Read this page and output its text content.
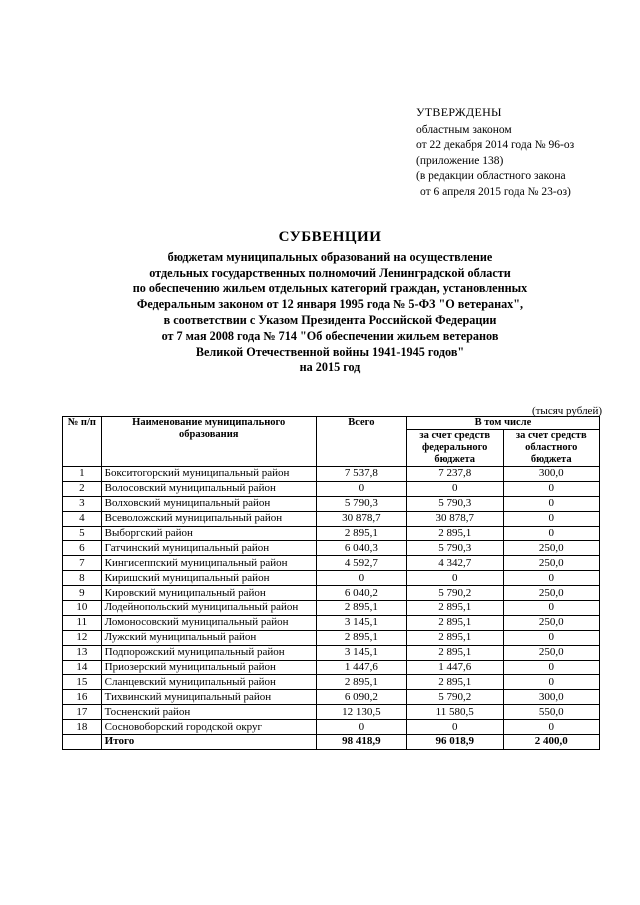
УТВЕРЖДЕНЫ
областным законом
от 22 декабря 2014 года № 96-оз
(приложение 138)
(в редакции областного закона
от 6 апреля 2015 года № 23-оз)
СУБВЕНЦИИ
бюджетам муниципальных образований на осуществление
отдельных государственных полномочий Ленинградской области
по обеспечению жильем отдельных категорий граждан, установленных
Федеральным законом от 12 января 1995 года № 5-ФЗ "О ветеранах",
в соответствии с Указом Президента Российской Федерации
от 7 мая 2008 года № 714 "Об обеспечении жильем ветеранов
Великой Отечественной войны 1941-1945 годов"
на 2015 год
(тысяч рублей)
№ п/п	Наименование муниципального образования	Всего	В том числе	
			за счет средств федерального бюджета	за счет средств областного бюджета
1	Бокситогорский муниципальный район	7 537,8	7 237,8	300,0
2	Волосовский муниципальный район	0	0	0
3	Волховский муниципальный район	5 790,3	5 790,3	0
4	Всеволожский муниципальный район	30 878,7	30 878,7	0
5	Выборгский район	2 895,1	2 895,1	0
6	Гатчинский муниципальный район	6 040,3	5 790,3	250,0
7	Кингисеппский муниципальный район	4 592,7	4 342,7	250,0
8	Киришский муниципальный район	0	0	0
9	Кировский муниципальный район	6 040,2	5 790,2	250,0
10	Лодейнопольский муниципальный район	2 895,1	2 895,1	0
11	Ломоносовский муниципальный район	3 145,1	2 895,1	250,0
12	Лужский муниципальный район	2 895,1	2 895,1	0
13	Подпорожский муниципальный район	3 145,1	2 895,1	250,0
14	Приозерский муниципальный район	1 447,6	1 447,6	0
15	Сланцевский муниципальный район	2 895,1	2 895,1	0
16	Тихвинский муниципальный район	6 090,2	5 790,2	300,0
17	Тосненский район	12 130,5	11 580,5	550,0
18	Сосновоборский городской округ	0	0	0
	Итого	98 418,9	96 018,9	2 400,0
